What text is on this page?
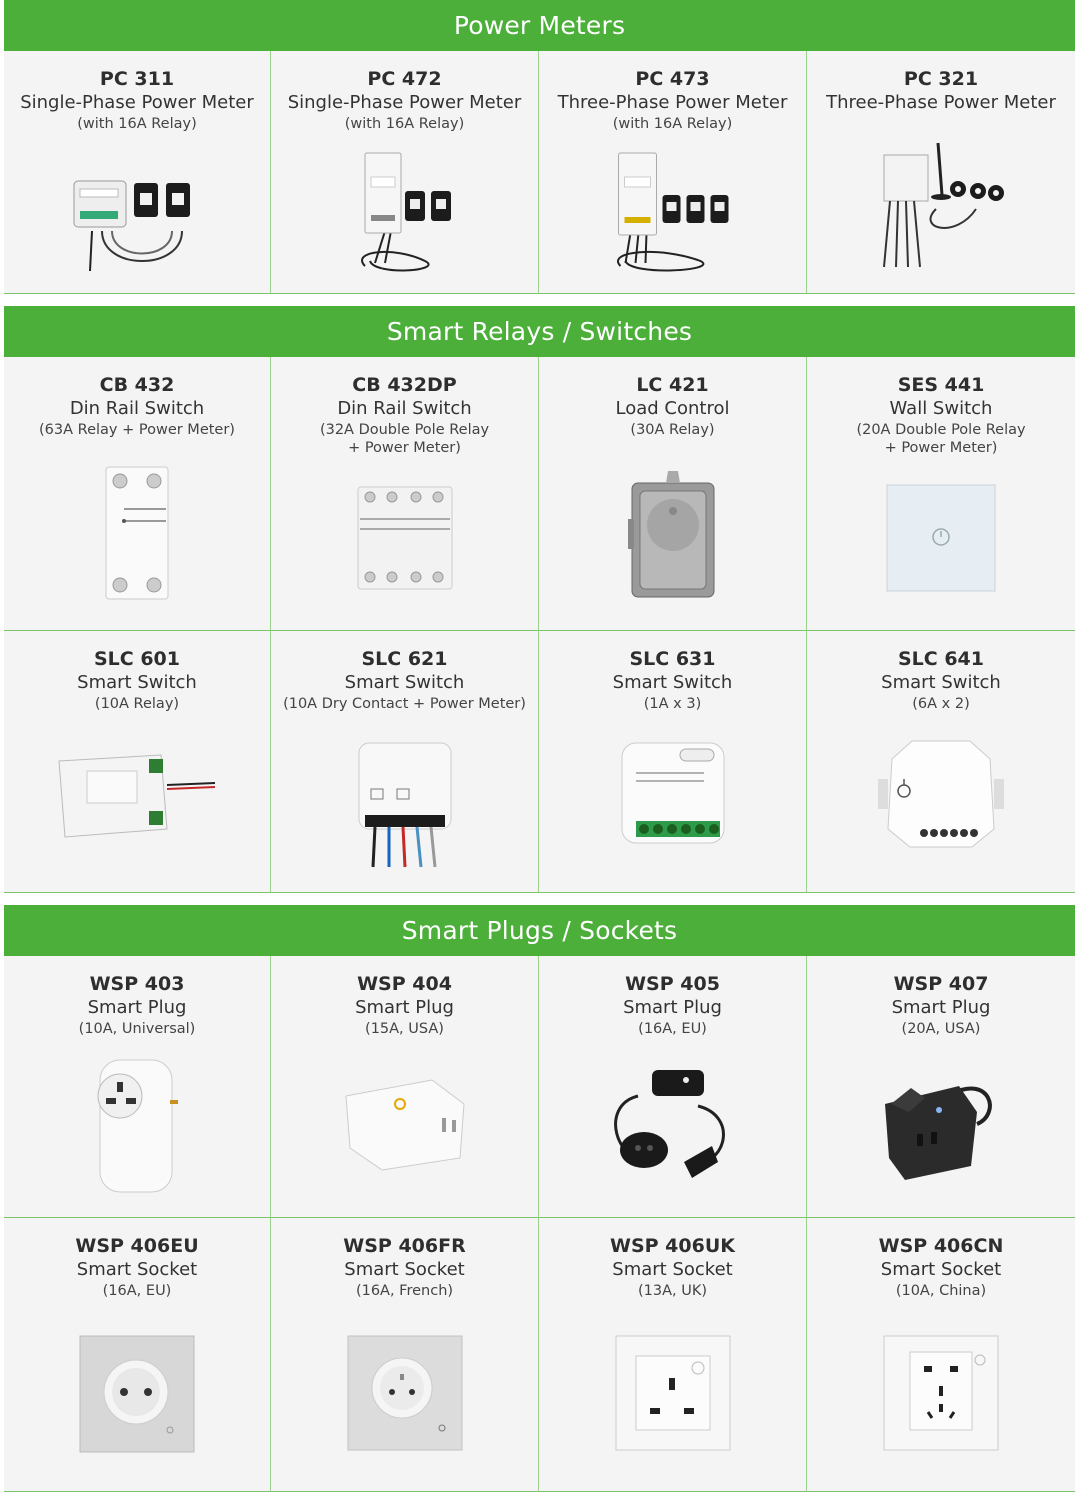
Power Meters
PC 311
Single-Phase Power Meter
(with 16A Relay)
PC 472
Single-Phase Power Meter
(with 16A Relay)
PC 473
Three-Phase Power Meter
(with 16A Relay)
PC 321
Three-Phase Power Meter
Smart Relays / Switches
CB 432
Din Rail Switch
(63A Relay + Power Meter)
CB 432DP
Din Rail Switch
(32A Double Pole Relay
+ Power Meter)
LC 421
Load Control
(30A Relay)
SES 441
Wall Switch
(20A Double Pole Relay
+ Power Meter)
SLC 601
Smart Switch
(10A Relay)
SLC 621
Smart Switch
(10A Dry Contact + Power Meter)
SLC 631
Smart Switch
(1A x 3)
SLC 641
Smart Switch
(6A x 2)
Smart Plugs / Sockets
WSP 403
Smart Plug
(10A, Universal)
WSP 404
Smart Plug
(15A, USA)
WSP 405
Smart Plug
(16A, EU)
WSP 407
Smart Plug
(20A, USA)
WSP 406EU
Smart Socket
(16A, EU)
WSP 406FR
Smart Socket
(16A, French)
WSP 406UK
Smart Socket
(13A, UK)
WSP 406CN
Smart Socket
(10A, China)
